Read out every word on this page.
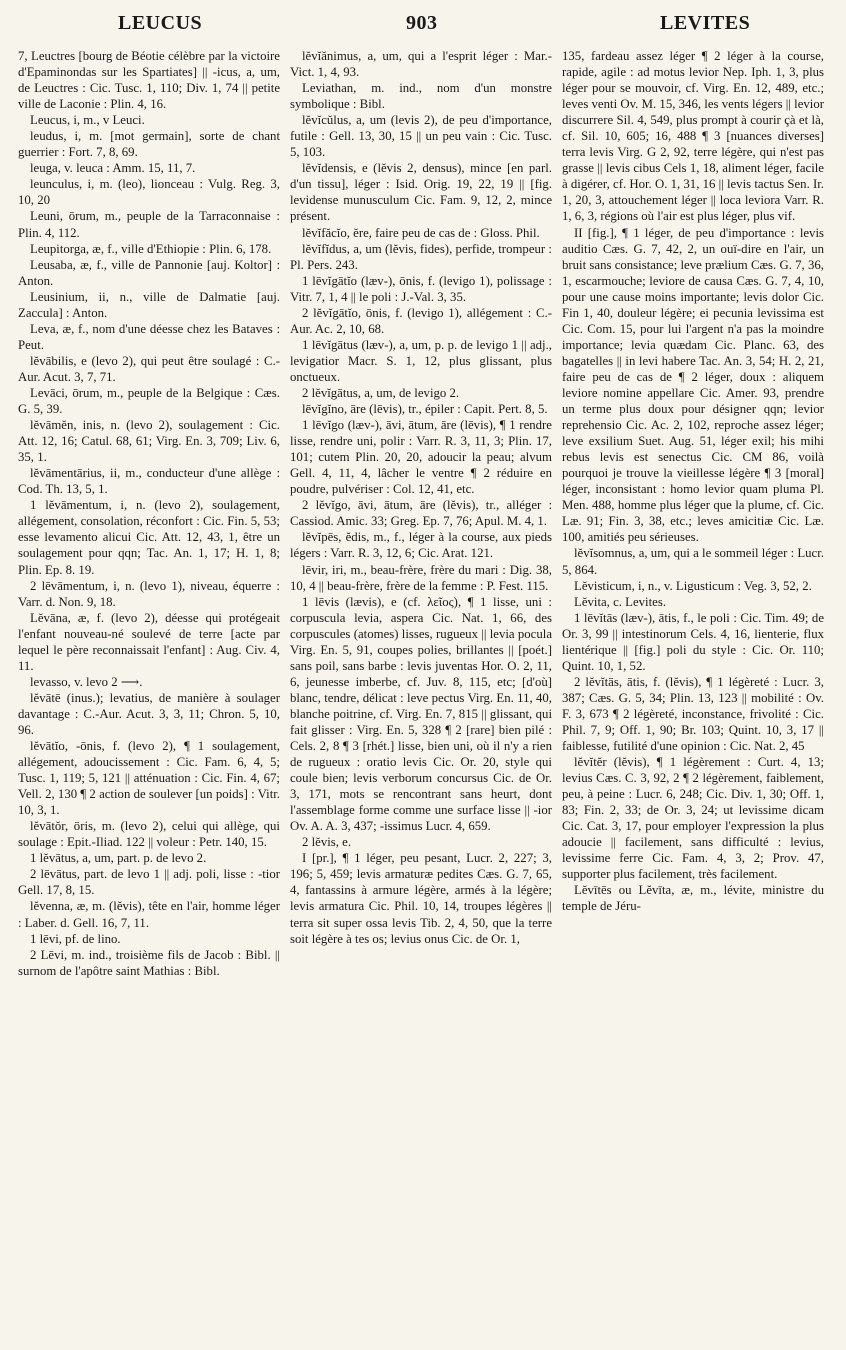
LEUCUS	903	LEVITES

7, Leuctres [bourg de Béotie célèbre par la victoire d'Epaminondas sur les Spartiates] || -icus, a, um, de Leuctres : Cic. Tusc. 1, 110; Div. 1, 74 || petite ville de Laconie : Plin. 4, 16.

Leucus, i, m., v Leuci.

leudus, i, m. [mot germain], sorte de chant guerrier : Fort. 7, 8, 69.

leuga, v. leuca : Amm. 15, 11, 7.

leunculus, i, m. (leo), lionceau : Vulg. Reg. 3, 10, 20

Leuni, ōrum, m., peuple de la Tarraconnaise : Plin. 4, 112.

Leupitorga, æ, f., ville d'Ethiopie : Plin. 6, 178.

Leusaba, æ, f., ville de Pannonie [auj. Koltor] : Anton.

Leusinium, ii, n., ville de Dalmatie [auj. Zaccula] : Anton.

Leva, æ, f., nom d'une déesse chez les Bataves : Peut.

lĕvābilis, e (levo 2), qui peut être soulagé : C.-Aur. Acut. 3, 7, 71.

Levāci, ōrum, m., peuple de la Belgique : Cæs. G. 5, 39.

lĕvāmĕn, inis, n. (levo 2), soulagement : Cic. Att. 12, 16; Catul. 68, 61; Virg. En. 3, 709; Liv. 6, 35, 1.

lĕvāmentārius, ii, m., conducteur d'une allège : Cod. Th. 13, 5, 1.

1 lĕvāmentum, i, n. (levo 2), soulagement, allégement, consolation, réconfort : Cic. Fin. 5, 53; esse levamento alicui Cic. Att. 12, 43, 1, être un soulagement pour qqn; Tac. An. 1, 17; H. 1, 8; Plin. Ep. 8. 19.

2 lēvāmentum, i, n. (levo 1), niveau, équerre : Varr. d. Non. 9, 18.

Lĕvāna, æ, f. (levo 2), déesse qui protégeait l'enfant nouveau-né soulevé de terre [acte par lequel le père reconnaissait l'enfant] : Aug. Civ. 4, 11.

levasso, v. levo 2 ⟶.

lĕvātē (inus.); levatius, de manière à soulager davantage : C.-Aur. Acut. 3, 3, 11; Chron. 5, 10, 96.

lĕvātĭo, -ōnis, f. (levo 2), ¶ 1 soulagement, allégement, adoucissement : Cic. Fam. 6, 4, 5; Tusc. 1, 119; 5, 121 || atténuation : Cic. Fin. 4, 67; Vell. 2, 130 ¶ 2 action de soulever [un poids] : Vitr. 10, 3, 1.

lĕvātŏr, ōris, m. (levo 2), celui qui allège, qui soulage : Epit.-Iliad. 122 || voleur : Petr. 140, 15.

1 lĕvātus, a, um, part. p. de levo 2.

2 lēvātus, part. de levo 1 || adj. poli, lisse : -tior Gell. 17, 8, 15.

lĕvenna, æ, m. (lĕvis), tête en l'air, homme léger : Laber. d. Gell. 16, 7, 11.

1 lēvi, pf. de lino.

2 Lēvi, m. ind., troisième fils de Jacob : Bibl. || surnom de l'apôtre saint Mathias : Bibl.

lĕvĭănimus, a, um, qui a l'esprit léger : Mar.-Vict. 1, 4, 93.

Leviathan, m. ind., nom d'un monstre symbolique : Bibl.

lĕvĭcŭlus, a, um (levis 2), de peu d'importance, futile : Gell. 13, 30, 15 || un peu vain : Cic. Tusc. 5, 103.

lĕvĭdensis, e (lĕvis 2, densus), mince [en parl. d'un tissu], léger : Isid. Orig. 19, 22, 19 || [fig. levidense munusculum Cic. Fam. 9, 12, 2, mince présent.

lĕvĭfăcĭo, ĕre, faire peu de cas de : Gloss. Phil.

lĕvĭfĭdus, a, um (lĕvis, fides), perfide, trompeur : Pl. Pers. 243.

1 lēvĭgātĭo (læv-), ōnis, f. (levigo 1), polissage : Vitr. 7, 1, 4 || le poli : J.-Val. 3, 35.

2 lĕvĭgātĭo, ōnis, f. (levigo 1), allégement : C.-Aur. Ac. 2, 10, 68.

1 lēvĭgātus (læv-), a, um, p. p. de levigo 1 || adj., levigatior Macr. S. 1, 12, plus glissant, plus onctueux.

2 lĕvĭgātus, a, um, de levigo 2.

lēvĭgĭno, āre (lēvis), tr., épiler : Capit. Pert. 8, 5.

1 lēvĭgo (læv-), āvi, ātum, āre (lēvis), ¶ 1 rendre lisse, rendre uni, polir : Varr. R. 3, 11, 3; Plin. 17, 101; cutem Plin. 20, 20, adoucir la peau; alvum Gell. 4, 11, 4, lâcher le ventre ¶ 2 réduire en poudre, pulvériser : Col. 12, 41, etc.

2 lĕvĭgo, āvi, ātum, āre (lĕvis), tr., alléger : Cassiod. Amic. 33; Greg. Ep. 7, 76; Apul. M. 4, 1.

lĕvĭpēs, ĕdis, m., f., léger à la course, aux pieds légers : Varr. R. 3, 12, 6; Cic. Arat. 121.

lēvir, iri, m., beau-frère, frère du mari : Dig. 38, 10, 4 || beau-frère, frère de la femme : P. Fest. 115.

1 lēvis (lævis), e (cf. λεῖος), ¶ 1 lisse, uni : corpuscula levia, aspera Cic. Nat. 1, 66, des corpuscules (atomes) lisses, rugueux || levia pocula Virg. En. 5, 91, coupes polies, brillantes || [poét.] sans poil, sans barbe : levis juventas Hor. O. 2, 11, 6, jeunesse imberbe, cf. Juv. 8, 115, etc; [d'où] blanc, tendre, délicat : leve pectus Virg. En. 11, 40, blanche poitrine, cf. Virg. En. 7, 815 || glissant, qui fait glisser : Virg. En. 5, 328 ¶ 2 [rare] bien pilé : Cels. 2, 8 ¶ 3 [rhét.] lisse, bien uni, où il n'y a rien de rugueux : oratio levis Cic. Or. 20, style qui coule bien; levis verborum concursus Cic. de Or. 3, 171, mots se rencontrant sans heurt, dont l'assemblage forme comme une surface lisse || -ior Ov. A. A. 3, 437; -issimus Lucr. 4, 659.

2 lĕvis, e.

I [pr.], ¶ 1 léger, peu pesant, Lucr. 2, 227; 3, 196; 5, 459; levis armaturæ pedites Cæs. G. 7, 65, 4, fantassins à armure légère, armés à la légère; levis armatura Cic. Phil. 10, 14, troupes légères || terra sit super ossa levis Tib. 2, 4, 50, que la terre soit légère à tes os; levius onus Cic. de Or. 1,

135, fardeau assez léger ¶ 2 léger à la course, rapide, agile : ad motus levior Nep. Iph. 1, 3, plus léger pour se mouvoir, cf. Virg. En. 12, 489, etc.; leves venti Ov. M. 15, 346, les vents légers || levior discurrere Sil. 4, 549, plus prompt à courir çà et là, cf. Sil. 10, 605; 16, 488 ¶ 3 [nuances diverses] terra levis Virg. G 2, 92, terre légère, qui n'est pas grasse || levis cibus Cels 1, 18, aliment léger, facile à digérer, cf. Hor. O. 1, 31, 16 || levis tactus Sen. Ir. 1, 20, 3, attouchement léger || loca leviora Varr. R. 1, 6, 3, régions où l'air est plus léger, plus vif.

II [fig.], ¶ 1 léger, de peu d'importance : levis auditio Cæs. G. 7, 42, 2, un ouï-dire en l'air, un bruit sans consistance; leve prælium Cæs. G. 7, 36, 1, escarmouche; leviore de causa Cæs. G. 7, 4, 10, pour une cause moins importante; levis dolor Cic. Fin 1, 40, douleur légère; ei pecunia levissima est Cic. Com. 15, pour lui l'argent n'a pas la moindre importance; levia quædam Cic. Planc. 63, des bagatelles || in levi habere Tac. An. 3, 54; H. 2, 21, faire peu de cas de ¶ 2 léger, doux : aliquem leviore nomine appellare Cic. Amer. 93, prendre un terme plus doux pour désigner qqn; levior reprehensio Cic. Ac. 2, 102, reproche assez léger; leve exsilium Suet. Aug. 51, léger exil; his mihi rebus levis est senectus Cic. CM 86, voilà pourquoi je trouve la vieillesse légère ¶ 3 [moral] léger, inconsistant : homo levior quam pluma Pl. Men. 488, homme plus léger que la plume, cf. Cic. Læ. 91; Fin. 3, 38, etc.; leves amicitiæ Cic. Læ. 100, amitiés peu sérieuses.

lĕvĭsomnus, a, um, qui a le sommeil léger : Lucr. 5, 864.

Lĕvisticum, i, n., v. Ligusticum : Veg. 3, 52, 2.

Lĕvita, c. Levites.

1 lēvĭtās (læv-), ātis, f., le poli : Cic. Tim. 49; de Or. 3, 99 || intestinorum Cels. 4, 16, lienterie, flux lientérique || [fig.] poli du style : Cic. Or. 110; Quint. 10, 1, 52.

2 lĕvĭtās, ātis, f. (lĕvis), ¶ 1 légèreté : Lucr. 3, 387; Cæs. G. 5, 34; Plin. 13, 123 || mobilité : Ov. F. 3, 673 ¶ 2 légèreté, inconstance, frivolité : Cic. Phil. 7, 9; Off. 1, 90; Br. 103; Quint. 10, 3, 17 || faiblesse, futilité d'une opinion : Cic. Nat. 2, 45

lĕvĭtĕr (lĕvis), ¶ 1 légèrement : Curt. 4, 13; levius Cæs. C. 3, 92, 2 ¶ 2 légèrement, faiblement, peu, à peine : Lucr. 6, 248; Cic. Div. 1, 30; Off. 1, 83; Fin. 2, 33; de Or. 3, 24; ut levissime dicam Cic. Cat. 3, 17, pour employer l'expression la plus adoucie || facilement, sans difficulté : levius, levissime ferre Cic. Fam. 4, 3, 2; Prov. 47, supporter plus facilement, très facilement.

Lĕvītēs ou Lĕvīta, æ, m., lévite, ministre du temple de Jéru-
